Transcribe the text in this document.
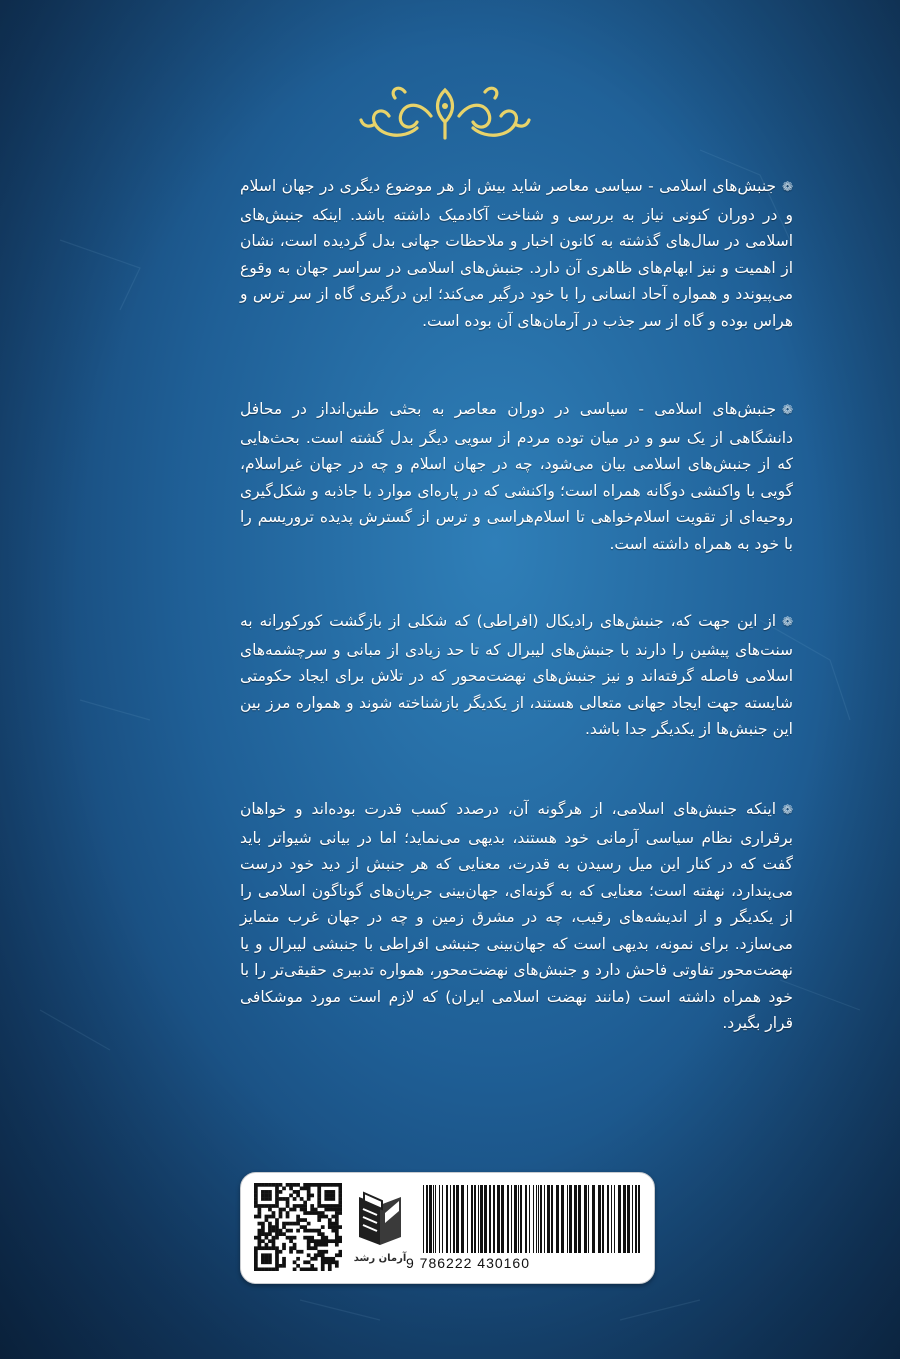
❁جنبش‌های اسلامی - سیاسی معاصر شاید بیش از هر موضوع دیگری در جهان اسلام و در دوران کنونی نیاز به بررسی و شناخت آکادمیک داشته باشد. اینکه جنبش‌های اسلامی در سال‌های گذشته به کانون اخبار و ملاحظات جهانی بدل گردیده است، نشان از اهمیت و نیز ابهام‌های ظاهری آن دارد. جنبش‌های اسلامی در سراسر جهان به وقوع می‌پیوندد و همواره آحاد انسانی را با خود درگیر می‌کند؛ این درگیری گاه از سر ترس و هراس بوده و گاه از سر جذب در آرمان‌های آن بوده است.
❁جنبش‌های اسلامی - سیاسی در دوران معاصر به بحثی طنین‌انداز در محافل دانشگاهی از یک سو و در میان توده مردم از سویی دیگر بدل گشته است. بحث‌هایی که از جنبش‌های اسلامی بیان می‌شود، چه در جهان اسلام و چه در جهان غیراسلام، گویی با واکنشی دوگانه همراه است؛ واکنشی که در پاره‌ای موارد با جاذبه و شکل‌گیری روحیه‌ای از تقویت اسلام‌خواهی تا اسلام‌هراسی و ترس از گسترش پدیده تروریسم را با خود به همراه داشته است.
❁از این جهت که، جنبش‌های رادیکال (افراطی) که شکلی از بازگشت کورکورانه به سنت‌های پیشین را دارند با جنبش‌های لیبرال که تا حد زیادی از مبانی و سرچشمه‌های اسلامی فاصله گرفته‌اند و نیز جنبش‌های نهضت‌محور که در تلاش برای ایجاد حکومتی شایسته جهت ایجاد جهانی متعالی هستند، از یکدیگر بازشناخته شوند و همواره مرز بین این جنبش‌ها از یکدیگر جدا باشد.
❁اینکه جنبش‌های اسلامی، از هرگونه آن، درصدد کسب قدرت بوده‌اند و خواهان برقراری نظام سیاسی آرمانی خود هستند، بدیهی می‌نماید؛ اما در بیانی شیواتر باید گفت که در کنار این میل رسیدن به قدرت، معنایی که هر جنبش از دید خود درست می‌پندارد، نهفته است؛ معنایی که به گونه‌ای، جهان‌بینی جریان‌های گوناگون اسلامی را از یکدیگر و از اندیشه‌های رقیب، چه در مشرق زمین و چه در جهان غرب متمایز می‌سازد. برای نمونه، بدیهی است که جهان‌بینی جنبشی افراطی با جنبشی لیبرال و یا نهضت‌محور تفاوتی فاحش دارد و جنبش‌های نهضت‌محور، همواره تدبیری حقیقی‌تر را با خود همراه داشته است (مانند نهضت اسلامی ایران) که لازم است مورد موشکافی قرار بگیرد.
آرمان رشد 9 786222 430160
